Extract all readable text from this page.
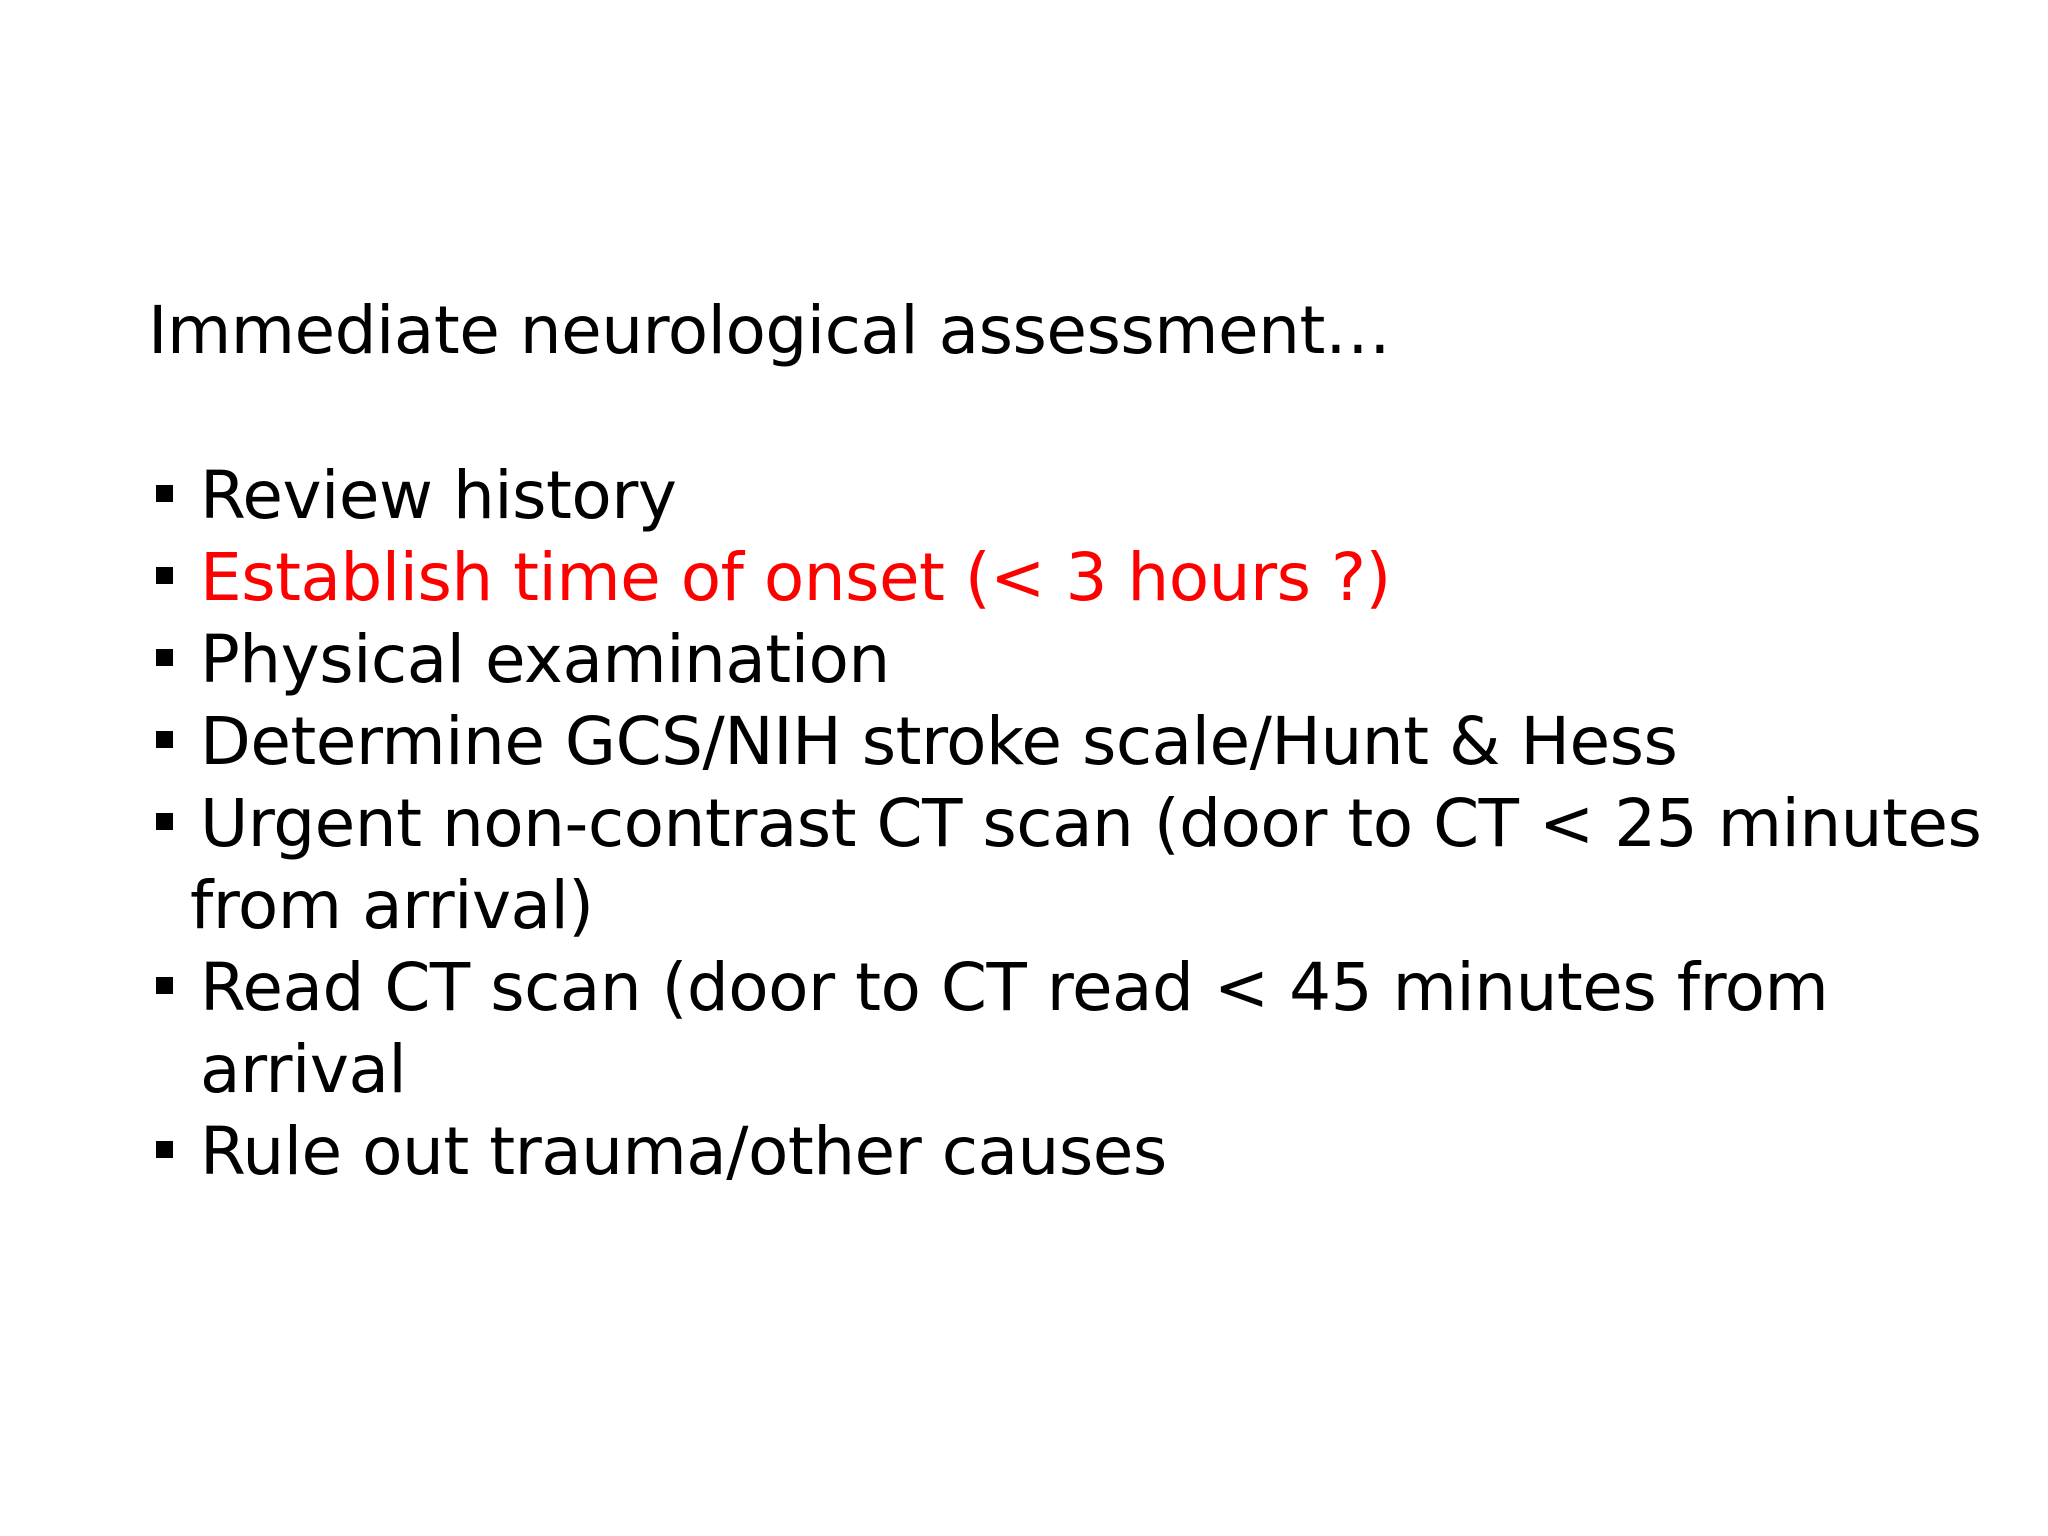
Immediate neurological assessment…
Review history
Establish time of onset (< 3 hours ?)
Physical examination
Determine GCS/NIH stroke scale/Hunt & Hess
Urgent non-contrast CT scan (door to CT < 25 minutes
from arrival)
Read CT scan (door to CT read < 45 minutes from arrival
Rule out trauma/other causes
